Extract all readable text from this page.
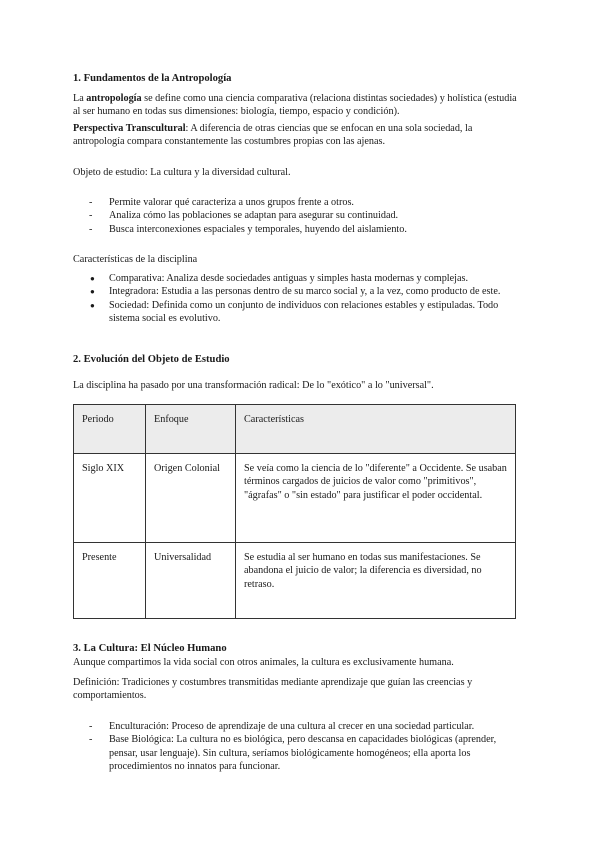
1. Fundamentos de la Antropología

La antropología se define como una ciencia comparativa (relaciona distintas sociedades) y holística (estudia al ser humano en todas sus dimensiones: biología, tiempo, espacio y condición).

Perspectiva Transcultural: A diferencia de otras ciencias que se enfocan en una sola sociedad, la antropología compara constantemente las costumbres propias con las ajenas.

Objeto de estudio: La cultura y la diversidad cultural.

- Permite valorar qué caracteriza a unos grupos frente a otros.
- Analiza cómo las poblaciones se adaptan para asegurar su continuidad.
- Busca interconexiones espaciales y temporales, huyendo del aislamiento.

Características de la disciplina

● Comparativa: Analiza desde sociedades antiguas y simples hasta modernas y complejas.
● Integradora: Estudia a las personas dentro de su marco social y, a la vez, como producto de este.
● Sociedad: Definida como un conjunto de individuos con relaciones estables y estipuladas. Todo sistema social es evolutivo.

2. Evolución del Objeto de Estudio

La disciplina ha pasado por una transformación radical: De lo "exótico" a lo "universal".

Periodo	Enfoque	Características
Siglo XIX	Origen Colonial	Se veía como la ciencia de lo "diferente" a Occidente. Se usaban términos cargados de juicios de valor como "primitivos", "ágrafas" o "sin estado" para justificar el poder occidental.
Presente	Universalidad	Se estudia al ser humano en todas sus manifestaciones. Se abandona el juicio de valor; la diferencia es diversidad, no retraso.

3. La Cultura: El Núcleo Humano

Aunque compartimos la vida social con otros animales, la cultura es exclusivamente humana.

Definición: Tradiciones y costumbres transmitidas mediante aprendizaje que guían las creencias y comportamientos.

- Enculturación: Proceso de aprendizaje de una cultura al crecer en una sociedad particular.
- Base Biológica: La cultura no es biológica, pero descansa en capacidades biológicas (aprender, pensar, usar lenguaje). Sin cultura, seríamos biológicamente homogéneos; ella aporta los procedimientos no innatos para funcionar.
